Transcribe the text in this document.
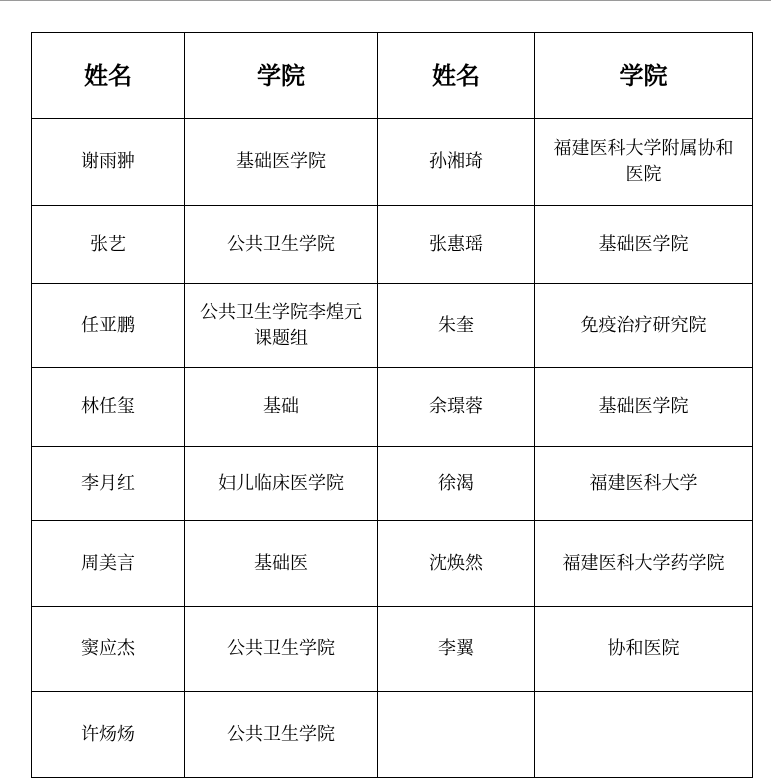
姓名	学院	姓名	学院
谢雨翀	基础医学院	孙湘琦	福建医科大学附属协和医院
张艺	公共卫生学院	张惠瑶	基础医学院
任亚鹏	公共卫生学院李煌元课题组	朱奎	免疫治疗研究院
林任玺	基础	余璟蓉	基础医学院
李月红	妇儿临床医学院	徐渴	福建医科大学
周美言	基础医	沈焕然	福建医科大学药学院
窦应杰	公共卫生学院	李翼	协和医院
许炀炀	公共卫生学院		
